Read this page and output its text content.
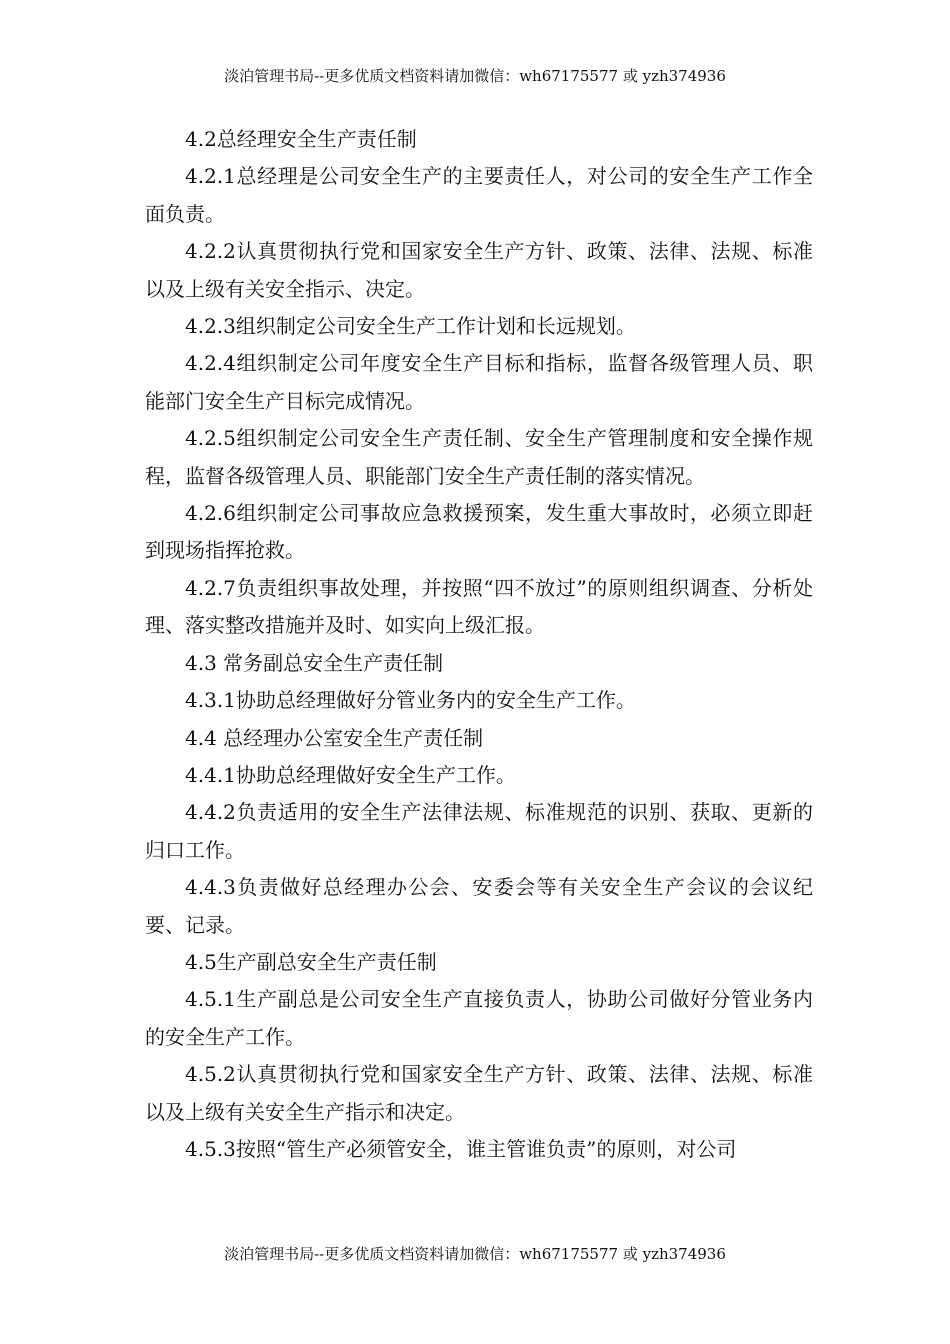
淡泊管理书局--更多优质文档资料请加微信：wh67175577 或 yzh374936

4.2总经理安全生产责任制

4.2.1总经理是公司安全生产的主要责任人，对公司的安全生产工作全面负责。

4.2.2认真贯彻执行党和国家安全生产方针、政策、法律、法规、标准以及上级有关安全指示、决定。

4.2.3组织制定公司安全生产工作计划和长远规划。

4.2.4组织制定公司年度安全生产目标和指标，监督各级管理人员、职能部门安全生产目标完成情况。

4.2.5组织制定公司安全生产责任制、安全生产管理制度和安全操作规程，监督各级管理人员、职能部门安全生产责任制的落实情况。

4.2.6组织制定公司事故应急救援预案，发生重大事故时，必须立即赶到现场指挥抢救。

4.2.7负责组织事故处理，并按照“四不放过”的原则组织调查、分析处理、落实整改措施并及时、如实向上级汇报。

4.3 常务副总安全生产责任制

4.3.1协助总经理做好分管业务内的安全生产工作。

4.4 总经理办公室安全生产责任制

4.4.1协助总经理做好安全生产工作。

4.4.2负责适用的安全生产法律法规、标准规范的识别、获取、更新的归口工作。

4.4.3负责做好总经理办公会、安委会等有关安全生产会议的会议纪要、记录。

4.5生产副总安全生产责任制

4.5.1生产副总是公司安全生产直接负责人，协助公司做好分管业务内的安全生产工作。

4.5.2认真贯彻执行党和国家安全生产方针、政策、法律、法规、标准以及上级有关安全生产指示和决定。

4.5.3按照“管生产必须管安全，谁主管谁负责”的原则，对公司

淡泊管理书局--更多优质文档资料请加微信：wh67175577 或 yzh374936
